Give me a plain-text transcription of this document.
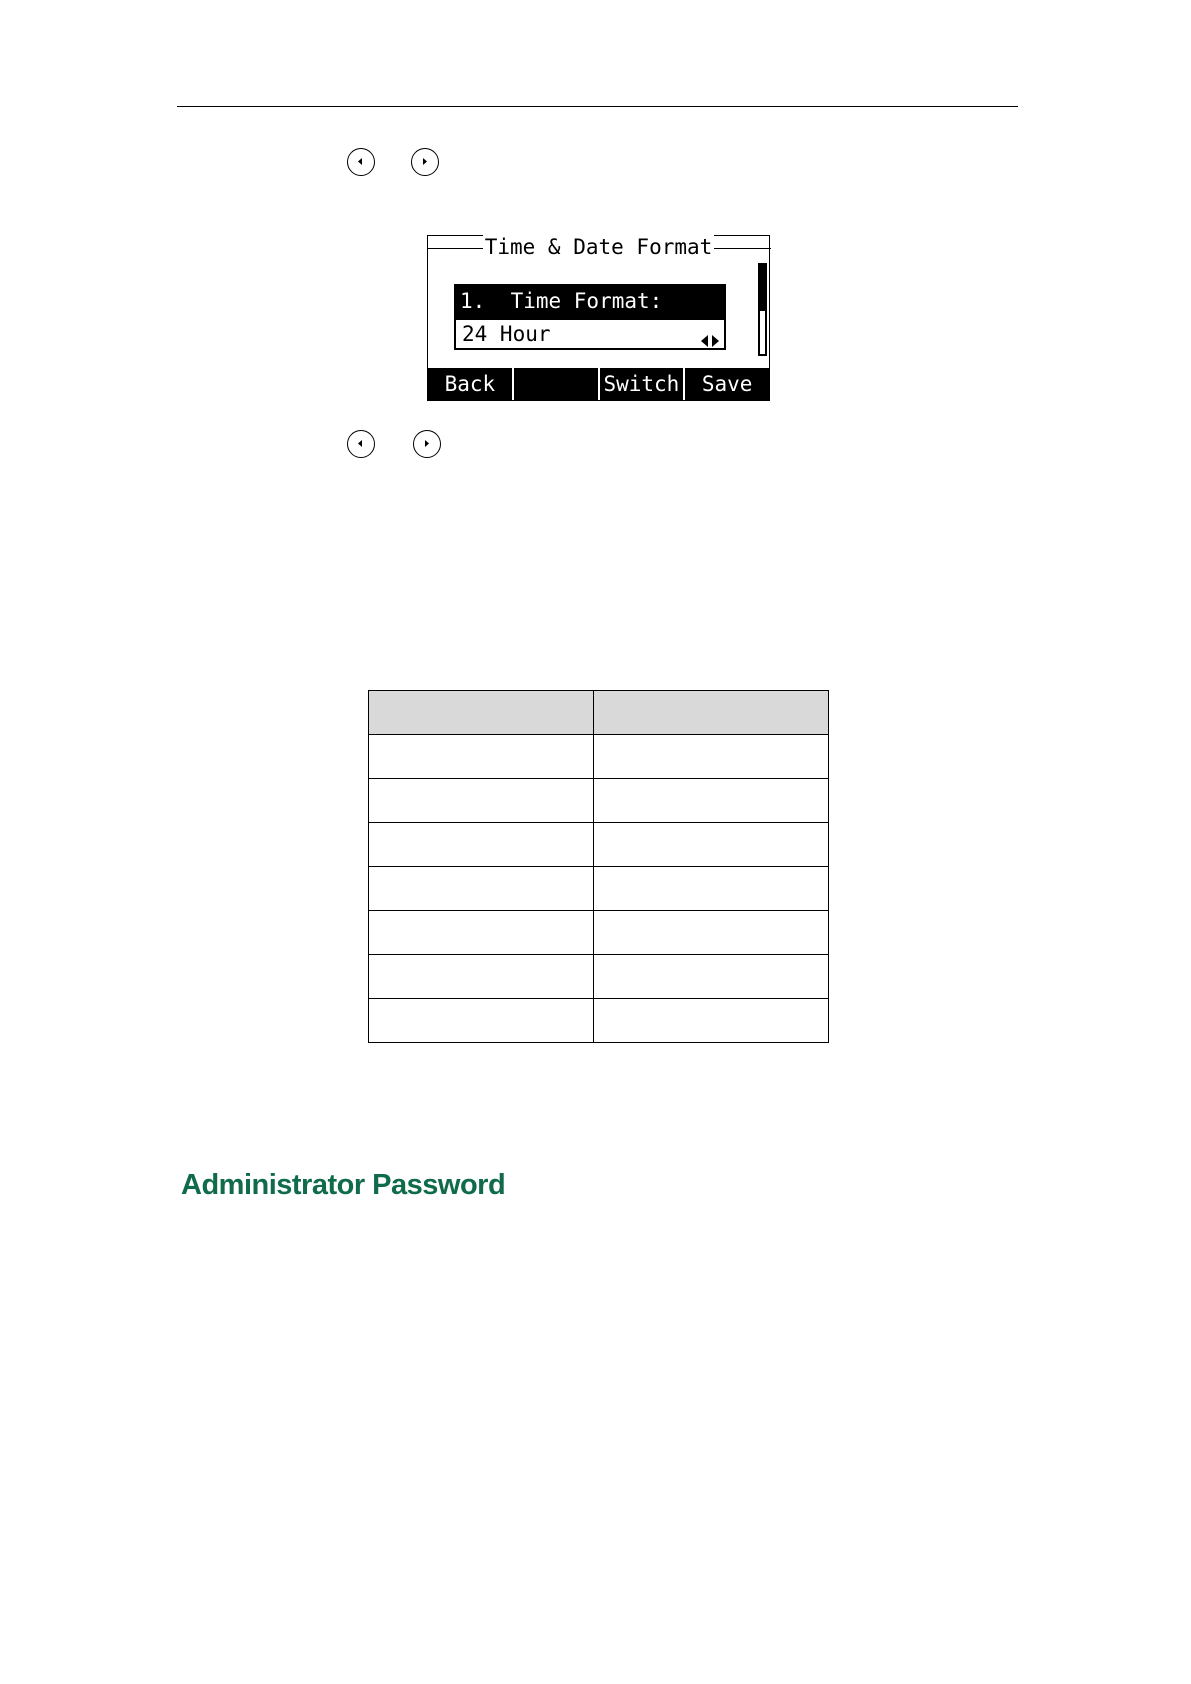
Time & Date Format
1.  Time Format:
24 Hour
Back	Switch	Save

Administrator Password
